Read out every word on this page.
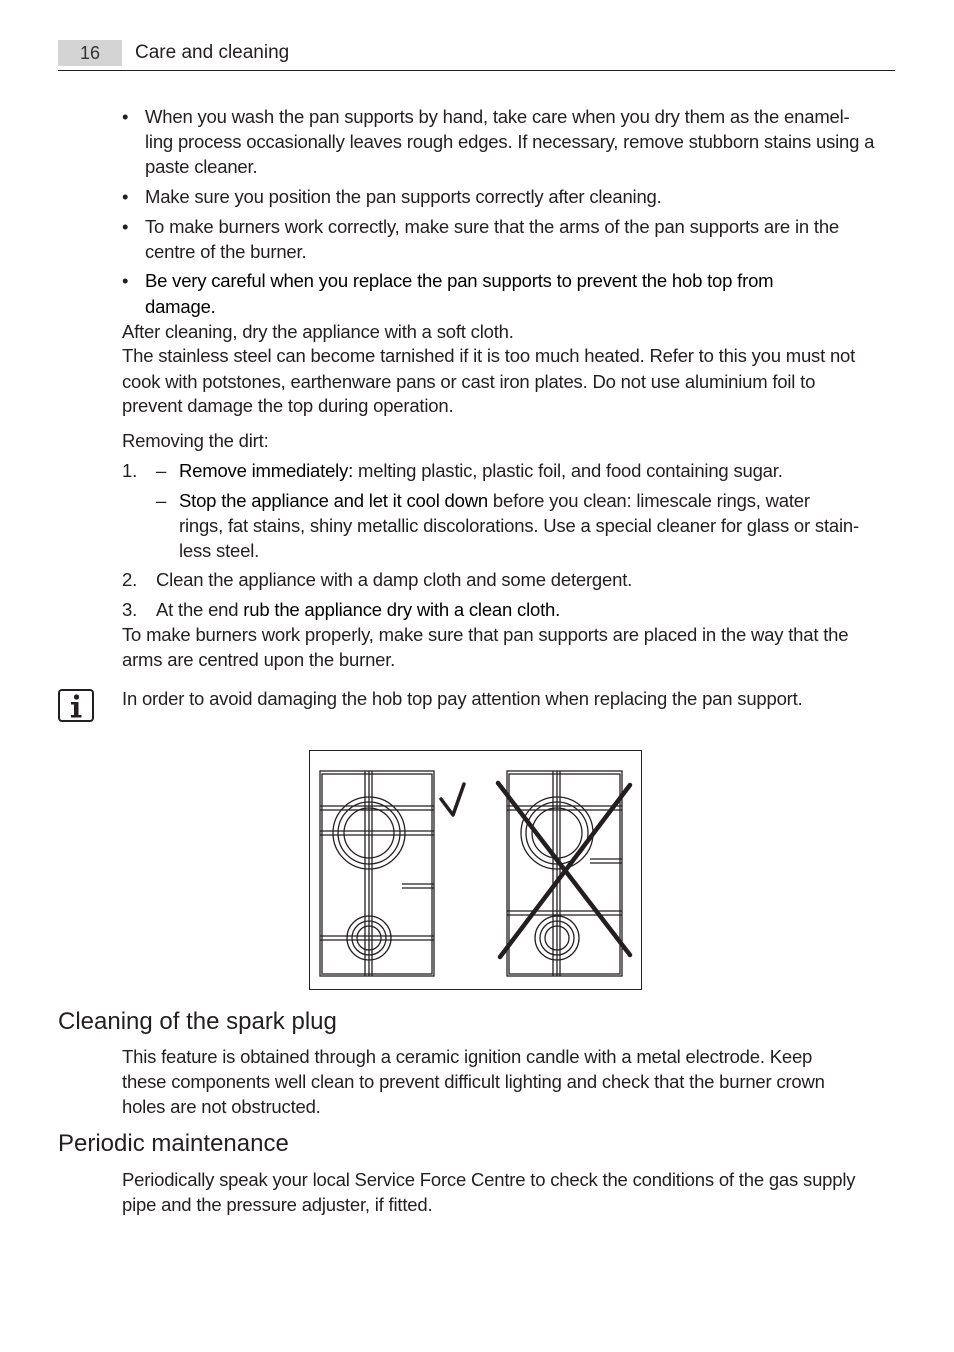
16	Care and cleaning
• When you wash the pan supports by hand, take care when you dry them as the enamel-
ling process occasionally leaves rough edges. If necessary, remove stubborn stains using a
paste cleaner.
• Make sure you position the pan supports correctly after cleaning.
• To make burners work correctly, make sure that the arms of the pan supports are in the
centre of the burner.
• Be very careful when you replace the pan supports to prevent the hob top from
damage.
After cleaning, dry the appliance with a soft cloth.
The stainless steel can become tarnished if it is too much heated. Refer to this you must not
cook with potstones, earthenware pans or cast iron plates. Do not use aluminium foil to
prevent damage the top during operation.
Removing the dirt:
1. – Remove immediately: melting plastic, plastic foil, and food containing sugar.
– Stop the appliance and let it cool down before you clean: limescale rings, water
rings, fat stains, shiny metallic discolorations. Use a special cleaner for glass or stain-
less steel.
2. Clean the appliance with a damp cloth and some detergent.
3. At the end rub the appliance dry with a clean cloth.
To make burners work properly, make sure that pan supports are placed in the way that the
arms are centred upon the burner.
In order to avoid damaging the hob top pay attention when replacing the pan support.
Cleaning of the spark plug
This feature is obtained through a ceramic ignition candle with a metal electrode. Keep
these components well clean to prevent difficult lighting and check that the burner crown
holes are not obstructed.
Periodic maintenance
Periodically speak your local Service Force Centre to check the conditions of the gas supply
pipe and the pressure adjuster, if fitted.
